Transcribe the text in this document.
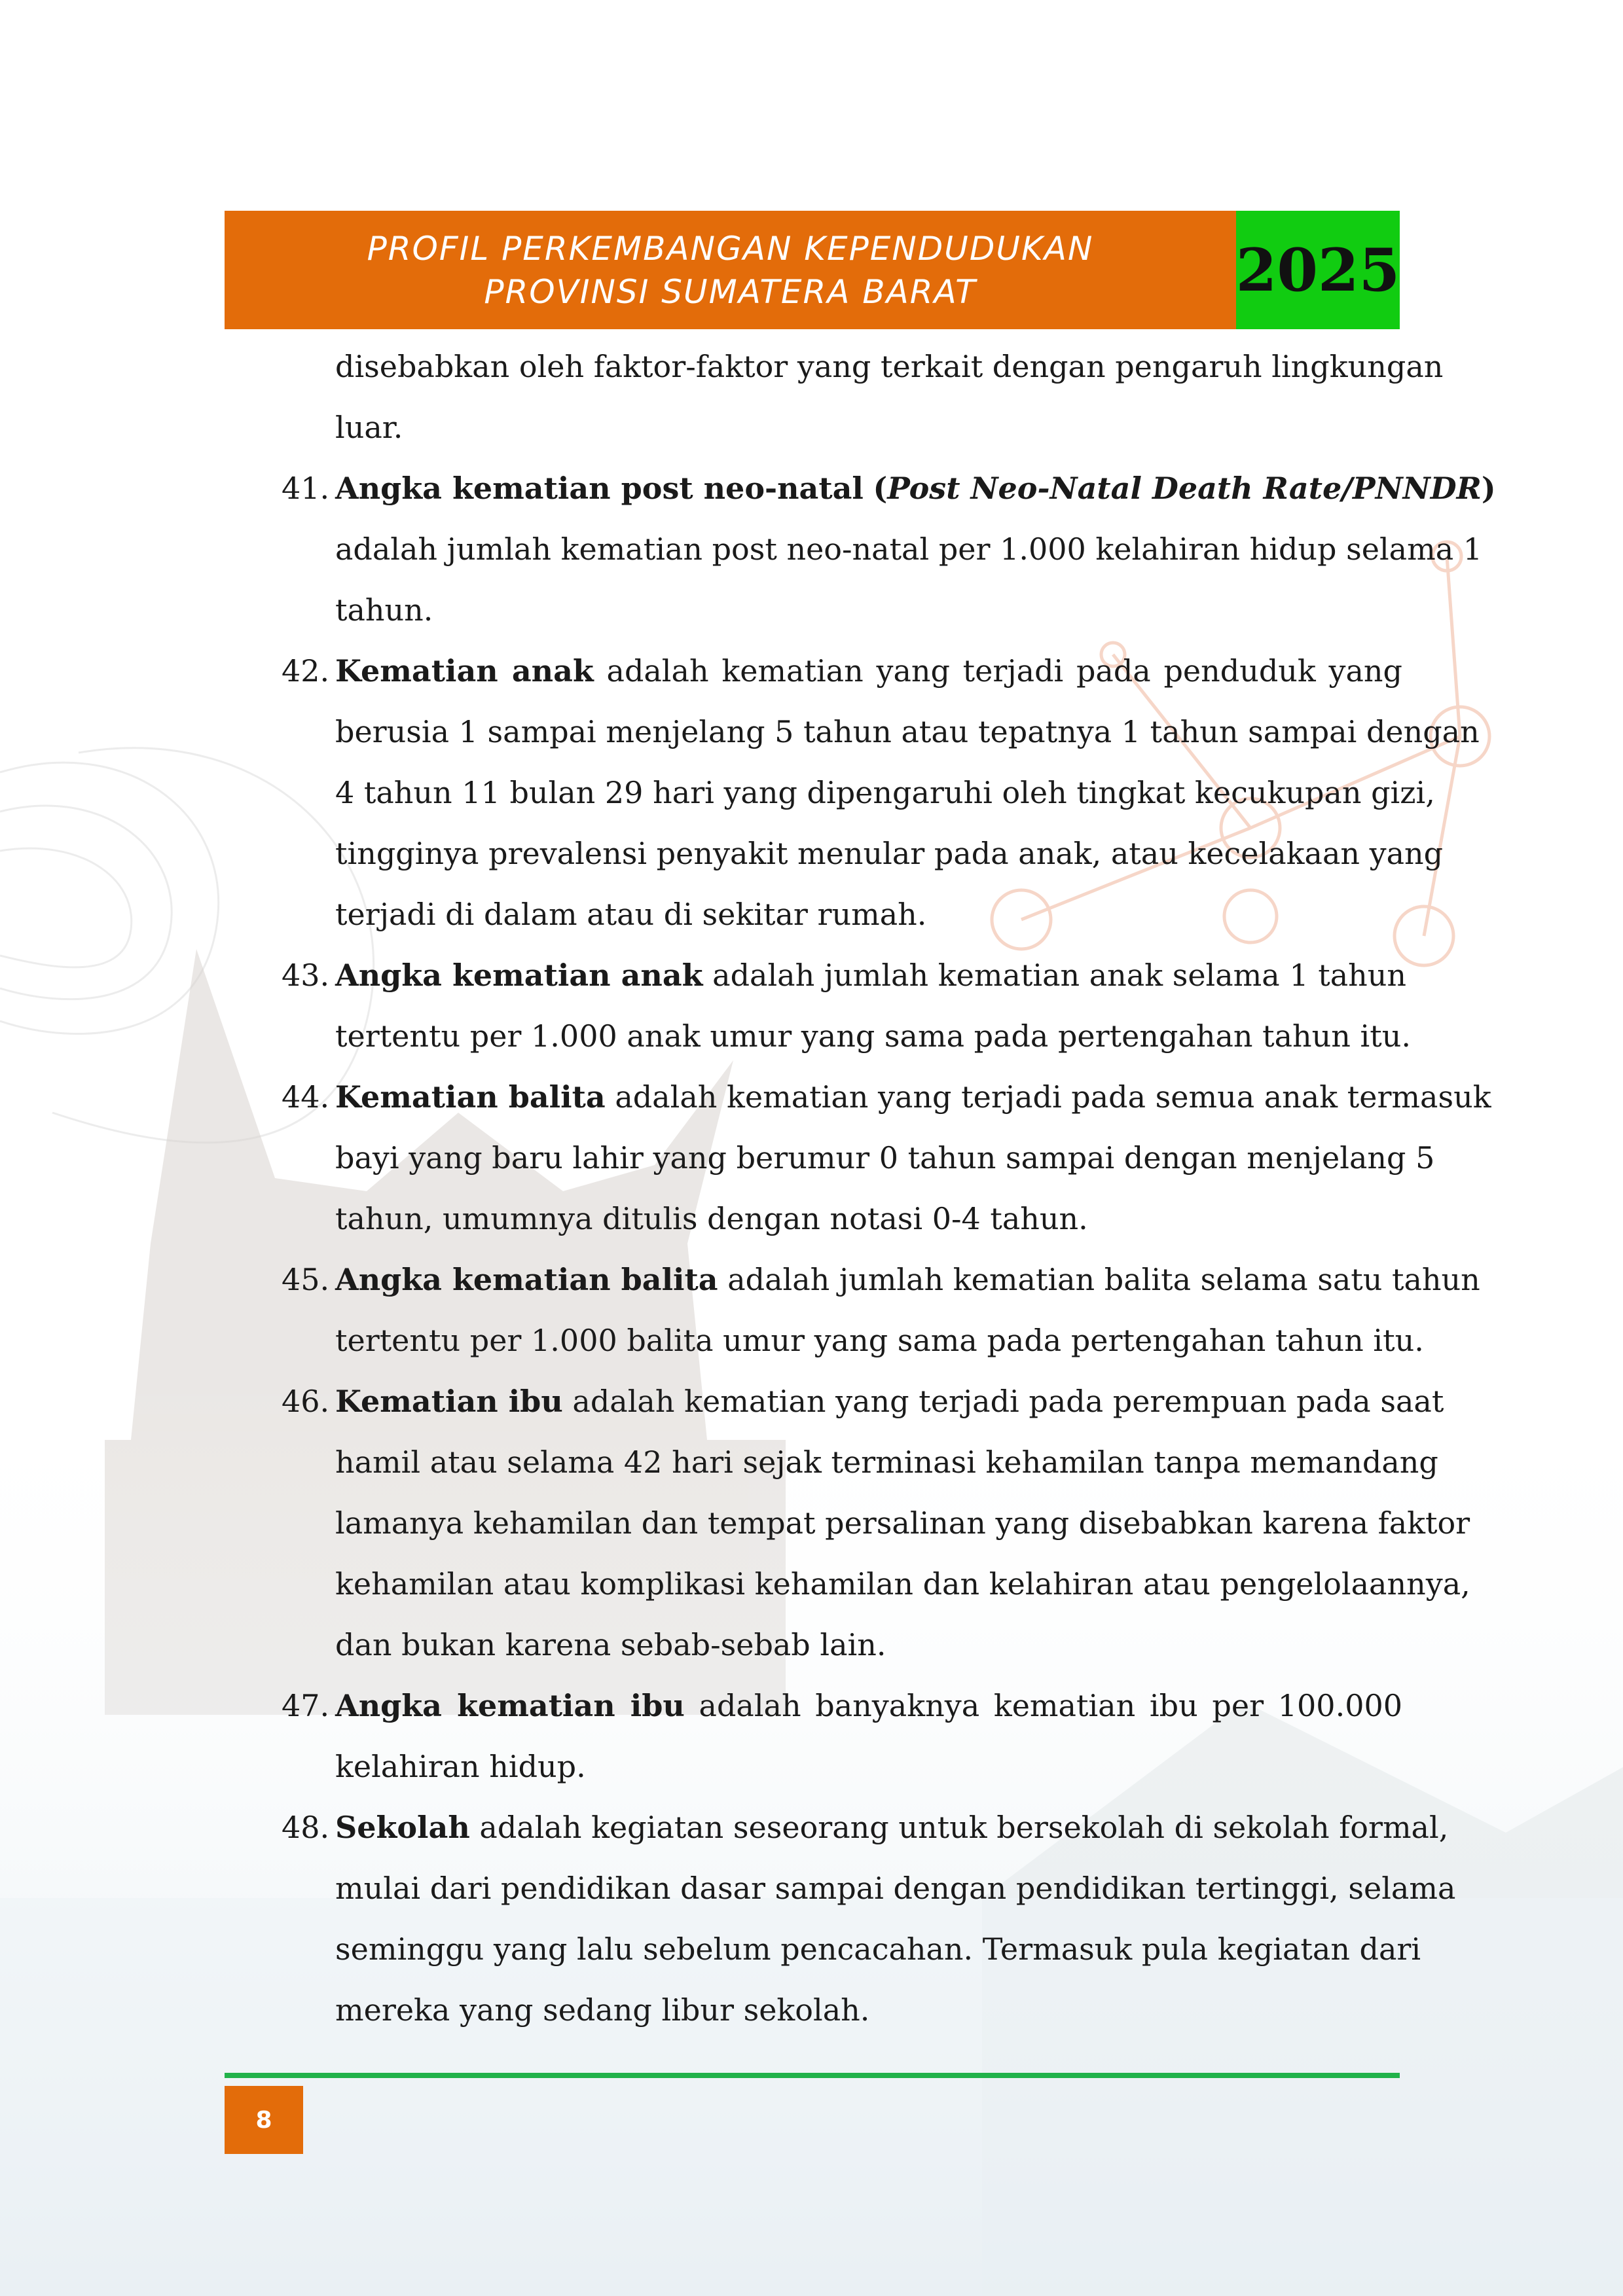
PROFIL PERKEMBANGAN KEPENDUDUKAN
PROVINSI SUMATERA BARAT	2025
disebabkan oleh faktor-faktor yang terkait dengan pengaruh lingkungan
luar.
41. Angka kematian post neo-natal (Post Neo-Natal Death Rate/PNNDR)
adalah jumlah kematian post neo-natal per 1.000 kelahiran hidup selama 1
tahun.
42. Kematian anak adalah kematian yang terjadi pada penduduk yang
berusia 1 sampai menjelang 5 tahun atau tepatnya 1 tahun sampai dengan
4 tahun 11 bulan 29 hari yang dipengaruhi oleh tingkat kecukupan gizi,
tingginya prevalensi penyakit menular pada anak, atau kecelakaan yang
terjadi di dalam atau di sekitar rumah.
43. Angka kematian anak adalah jumlah kematian anak selama 1 tahun
tertentu per 1.000 anak umur yang sama pada pertengahan tahun itu.
44. Kematian balita adalah kematian yang terjadi pada semua anak termasuk
bayi yang baru lahir yang berumur 0 tahun sampai dengan menjelang 5
tahun, umumnya ditulis dengan notasi 0-4 tahun.
45. Angka kematian balita adalah jumlah kematian balita selama satu tahun
tertentu per 1.000 balita umur yang sama pada pertengahan tahun itu.
46. Kematian ibu adalah kematian yang terjadi pada perempuan pada saat
hamil atau selama 42 hari sejak terminasi kehamilan tanpa memandang
lamanya kehamilan dan tempat persalinan yang disebabkan karena faktor
kehamilan atau komplikasi kehamilan dan kelahiran atau pengelolaannya,
dan bukan karena sebab-sebab lain.
47. Angka kematian ibu adalah banyaknya kematian ibu per 100.000
kelahiran hidup.
48. Sekolah adalah kegiatan seseorang untuk bersekolah di sekolah formal,
mulai dari pendidikan dasar sampai dengan pendidikan tertinggi, selama
seminggu yang lalu sebelum pencacahan. Termasuk pula kegiatan dari
mereka yang sedang libur sekolah.
8
